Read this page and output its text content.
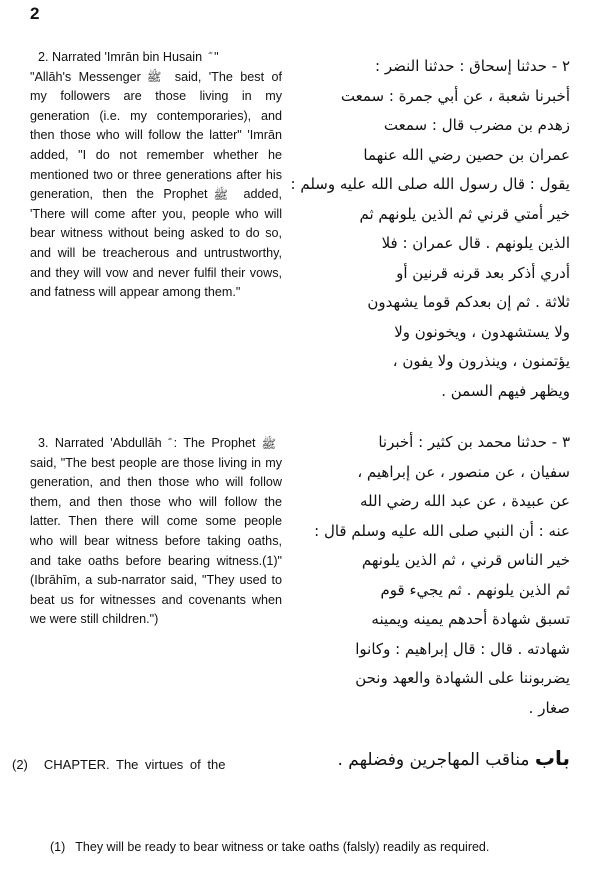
2

2. Narrated 'Imrān bin Husain "
"Allāh's Messenger ﷺ said, 'The best of my followers are those living in my generation (i.e. my contemporaries), and then those who will follow the latter" 'Imrān added, "I do not remember whether he mentioned two or three generations after his generation, then the Prophet ﷺ added, 'There will come after you, people who will bear witness without being asked to do so, and will be treacherous and untrustworthy, and they will vow and never fulfil their vows, and fatness will appear among them."

٢ - حدثنا إسحاق : حدثنا النضر :
أخبرنا شعبة ، عن أبي جمرة : سمعت
زهدم بن مضرب قال : سمعت
عمران بن حصين رضي الله عنهما
يقول : قال رسول الله صلى الله عليه وسلم :
خير أمتي قرني ثم الذين يلونهم ثم
الذين يلونهم . قال عمران : فلا
أدري أذكر بعد قرنه قرنين أو
ثلاثة . ثم إن بعدكم قوما يشهدون
ولا يستشهدون ، ويخونون ولا
يؤتمنون ، وينذرون ولا يفون ،
ويظهر فيهم السمن .

3. Narrated 'Abdullāh : The Prophet ﷺ said, "The best people are those living in my generation, and then those who will follow them, and then those who will follow the latter. Then there will come some people who will bear witness before taking oaths, and take oaths before bearing witness.(1)" (Ibrāhīm, a sub-narrator said, "They used to beat us for witnesses and covenants when we were still children.")

٣ - حدثنا محمد بن كثير : أخبرنا
سفيان ، عن منصور ، عن إبراهيم ،
عن عبيدة ، عن عبد الله رضي الله
عنه : أن النبي صلى الله عليه وسلم قال :
خير الناس قرني ، ثم الذين يلونهم
ثم الذين يلونهم . ثم يجيء قوم
تسبق شهادة أحدهم يمينه ويمينه
شهادته . قال : قال إبراهيم : وكانوا
يضربوننا على الشهادة والعهد ونحن
صغار .

(2) CHAPTER. The virtues of the	باب مناقب المهاجرين وفضلهم .
(1) They will be ready to bear witness or take oaths (falsly) readily as required.
